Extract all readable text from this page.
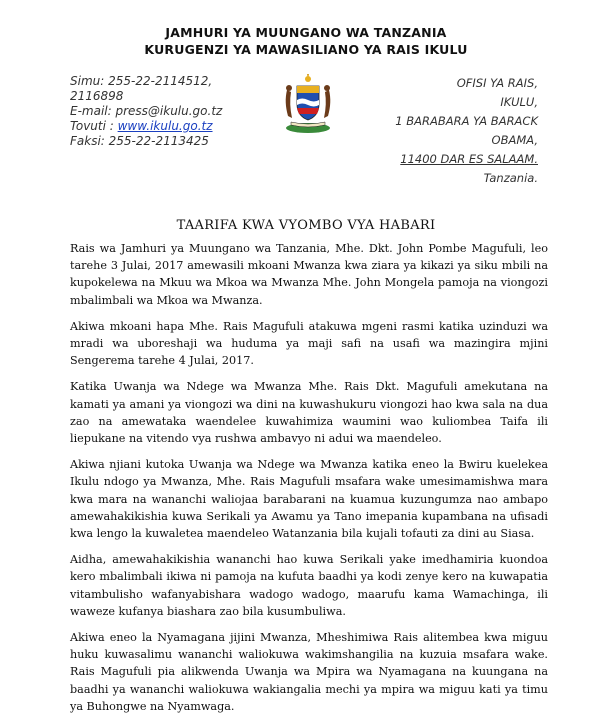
JAMHURI YA MUUNGANO WA TANZANIA
KURUGENZI YA MAWASILIANO YA RAIS IKULU
Simu: 255-22-2114512,
2116898
E-mail: press@ikulu.go.tz
Tovuti : www.ikulu.go.tz
Faksi: 255-22-2113425
OFISI YA RAIS,
IKULU,
1 BARABARA YA BARACK
OBAMA,
11400 DAR ES SALAAM.
Tanzania.
TAARIFA KWA VYOMBO VYA HABARI

Rais wa Jamhuri ya Muungano wa Tanzania, Mhe. Dkt. John Pombe Magufuli, leo tarehe 3 Julai, 2017 amewasili mkoani Mwanza kwa ziara ya kikazi ya siku mbili na kupokelewa na Mkuu wa Mkoa wa Mwanza Mhe. John Mongela pamoja na viongozi mbalimbali wa Mkoa wa Mwanza.

Akiwa mkoani hapa Mhe. Rais Magufuli atakuwa mgeni rasmi katika uzinduzi wa mradi wa uboreshaji wa huduma ya maji safi na usafi wa mazingira mjini Sengerema tarehe 4 Julai, 2017.

Katika Uwanja wa Ndege wa Mwanza Mhe. Rais Dkt. Magufuli amekutana na kamati ya amani ya viongozi wa dini na kuwashukuru viongozi hao kwa sala na dua zao na amewataka waendelee kuwahimiza waumini wao kuliombea Taifa ili liepukane na vitendo vya rushwa ambavyo ni adui wa maendeleo.

Akiwa njiani kutoka Uwanja wa Ndege wa Mwanza katika eneo la Bwiru kuelekea Ikulu ndogo ya Mwanza, Mhe. Rais Magufuli msafara wake umesimamishwa mara kwa mara na wananchi waliojaa barabarani na kuamua kuzungumza nao ambapo amewahakikishia kuwa Serikali ya Awamu ya Tano imepania kupambana na ufisadi kwa lengo la kuwaletea maendeleo Watanzania bila kujali tofauti za dini au Siasa.

Aidha, amewahakikishia wananchi hao kuwa Serikali yake imedhamiria kuondoa kero mbalimbali ikiwa ni pamoja na kufuta baadhi ya kodi zenye kero na kuwapatia vitambulisho wafanyabishara wadogo wadogo, maarufu kama Wamachinga, ili waweze kufanya biashara zao bila kusumbuliwa.

Akiwa eneo la Nyamagana jijini Mwanza, Mheshimiwa Rais alitembea kwa miguu huku kuwasalimu wananchi waliokuwa wakimshangilia na kuzuia msafara wake. Rais Magufuli pia alikwenda Uwanja wa Mpira wa Nyamagana na kuungana na baadhi ya wananchi waliokuwa wakiangalia mechi ya mpira wa miguu kati ya timu ya Buhongwe na Nyamwaga.
